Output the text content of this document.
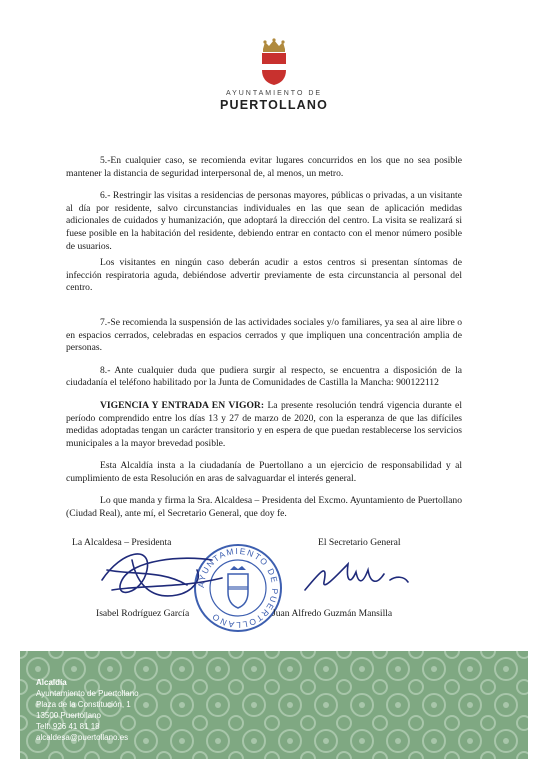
AYUNTAMIENTO DE
PUERTOLLANO

5.-En cualquier caso, se recomienda evitar lugares concurridos en los que no sea posible mantener la distancia de seguridad interpersonal de, al menos, un metro.

6.- Restringir las visitas a residencias de personas mayores, públicas o privadas, a un visitante al día por residente, salvo circunstancias individuales en las que sean de aplicación medidas adicionales de cuidados y humanización, que adoptará la dirección del centro. La visita se realizará si fuese posible en la habitación del residente, debiendo entrar en contacto con el menor número posible de usuarios.

Los visitantes en ningún caso deberán acudir a estos centros si presentan síntomas de infección respiratoria aguda, debiéndose advertir previamente de esta circunstancia al personal del centro.

7.-Se recomienda la suspensión de las actividades sociales y/o familiares, ya sea al aire libre o en espacios cerrados, celebradas en espacios cerrados y que impliquen una concentración amplia de personas.

8.- Ante cualquier duda que pudiera surgir al respecto, se encuentra a disposición de la ciudadanía el teléfono habilitado por la Junta de Comunidades de Castilla la Mancha: 900122112

VIGENCIA Y ENTRADA EN VIGOR: La presente resolución tendrá vigencia durante el período comprendido entre los días 13 y 27 de marzo de 2020, con la esperanza de que las difíciles medidas adoptadas tengan un carácter transitorio y en espera de que puedan restablecerse los servicios municipales a la mayor brevedad posible.

Esta Alcaldía insta a la ciudadanía de Puertollano a un ejercicio de responsabilidad y al cumplimiento de esta Resolución en aras de salvaguardar el interés general.

Lo que manda y firma la Sra. Alcaldesa – Presidenta del Excmo. Ayuntamiento de Puertollano (Ciudad Real), ante mí, el Secretario General, que doy fe.

La Alcaldesa – Presidenta	El Secretario General
AYUNTAMIENTO DE PUERTOLLANO
Isabel Rodríguez García	Juan Alfredo Guzmán Mansilla
Alcaldía
Ayuntamiento de Puertollano
Plaza de la Constitución, 1
13500 Puertollano
Telf: 926 41 81 18
alcaldesa@puertollano.es
